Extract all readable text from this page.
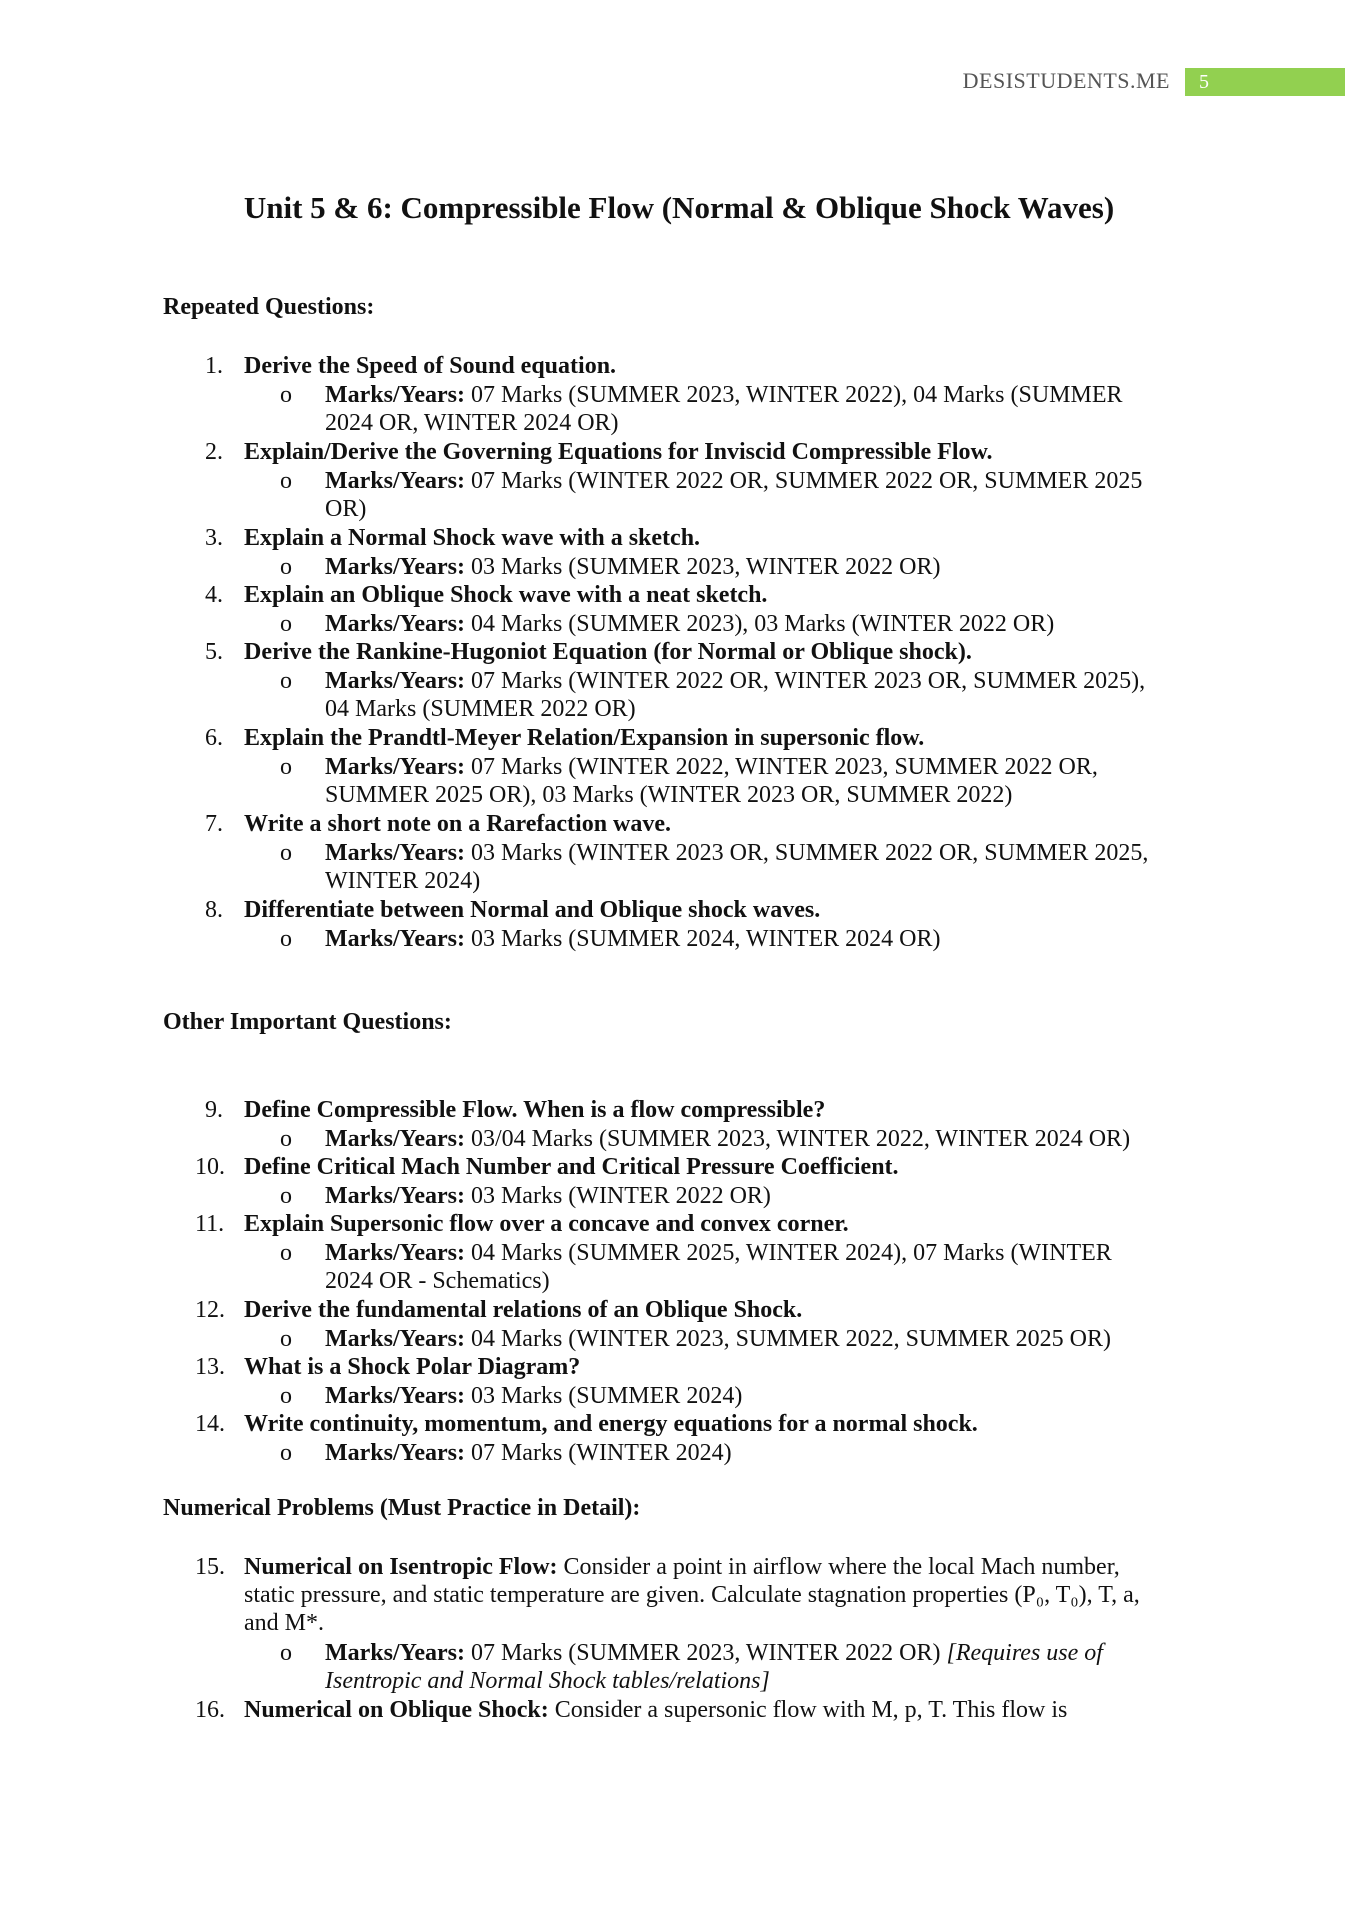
DESISTUDENTS.ME	5
Unit 5 & 6: Compressible Flow (Normal & Oblique Shock Waves)
Repeated Questions:
1. Derive the Speed of Sound equation.
o Marks/Years: 07 Marks (SUMMER 2023, WINTER 2022), 04 Marks (SUMMER
2024 OR, WINTER 2024 OR)
2. Explain/Derive the Governing Equations for Inviscid Compressible Flow.
o Marks/Years: 07 Marks (WINTER 2022 OR, SUMMER 2022 OR, SUMMER 2025
OR)
3. Explain a Normal Shock wave with a sketch.
o Marks/Years: 03 Marks (SUMMER 2023, WINTER 2022 OR)
4. Explain an Oblique Shock wave with a neat sketch.
o Marks/Years: 04 Marks (SUMMER 2023), 03 Marks (WINTER 2022 OR)
5. Derive the Rankine-Hugoniot Equation (for Normal or Oblique shock).
o Marks/Years: 07 Marks (WINTER 2022 OR, WINTER 2023 OR, SUMMER 2025),
04 Marks (SUMMER 2022 OR)
6. Explain the Prandtl-Meyer Relation/Expansion in supersonic flow.
o Marks/Years: 07 Marks (WINTER 2022, WINTER 2023, SUMMER 2022 OR,
SUMMER 2025 OR), 03 Marks (WINTER 2023 OR, SUMMER 2022)
7. Write a short note on a Rarefaction wave.
o Marks/Years: 03 Marks (WINTER 2023 OR, SUMMER 2022 OR, SUMMER 2025,
WINTER 2024)
8. Differentiate between Normal and Oblique shock waves.
o Marks/Years: 03 Marks (SUMMER 2024, WINTER 2024 OR)
Other Important Questions:
9. Define Compressible Flow. When is a flow compressible?
o Marks/Years: 03/04 Marks (SUMMER 2023, WINTER 2022, WINTER 2024 OR)
10. Define Critical Mach Number and Critical Pressure Coefficient.
o Marks/Years: 03 Marks (WINTER 2022 OR)
11. Explain Supersonic flow over a concave and convex corner.
o Marks/Years: 04 Marks (SUMMER 2025, WINTER 2024), 07 Marks (WINTER
2024 OR - Schematics)
12. Derive the fundamental relations of an Oblique Shock.
o Marks/Years: 04 Marks (WINTER 2023, SUMMER 2022, SUMMER 2025 OR)
13. What is a Shock Polar Diagram?
o Marks/Years: 03 Marks (SUMMER 2024)
14. Write continuity, momentum, and energy equations for a normal shock.
o Marks/Years: 07 Marks (WINTER 2024)
Numerical Problems (Must Practice in Detail):
15. Numerical on Isentropic Flow: Consider a point in airflow where the local Mach number,
static pressure, and static temperature are given. Calculate stagnation properties (P₀, T₀), T, a,
and M*.
o Marks/Years: 07 Marks (SUMMER 2023, WINTER 2022 OR) [Requires use of
Isentropic and Normal Shock tables/relations]
16. Numerical on Oblique Shock: Consider a supersonic flow with M, p, T. This flow is
